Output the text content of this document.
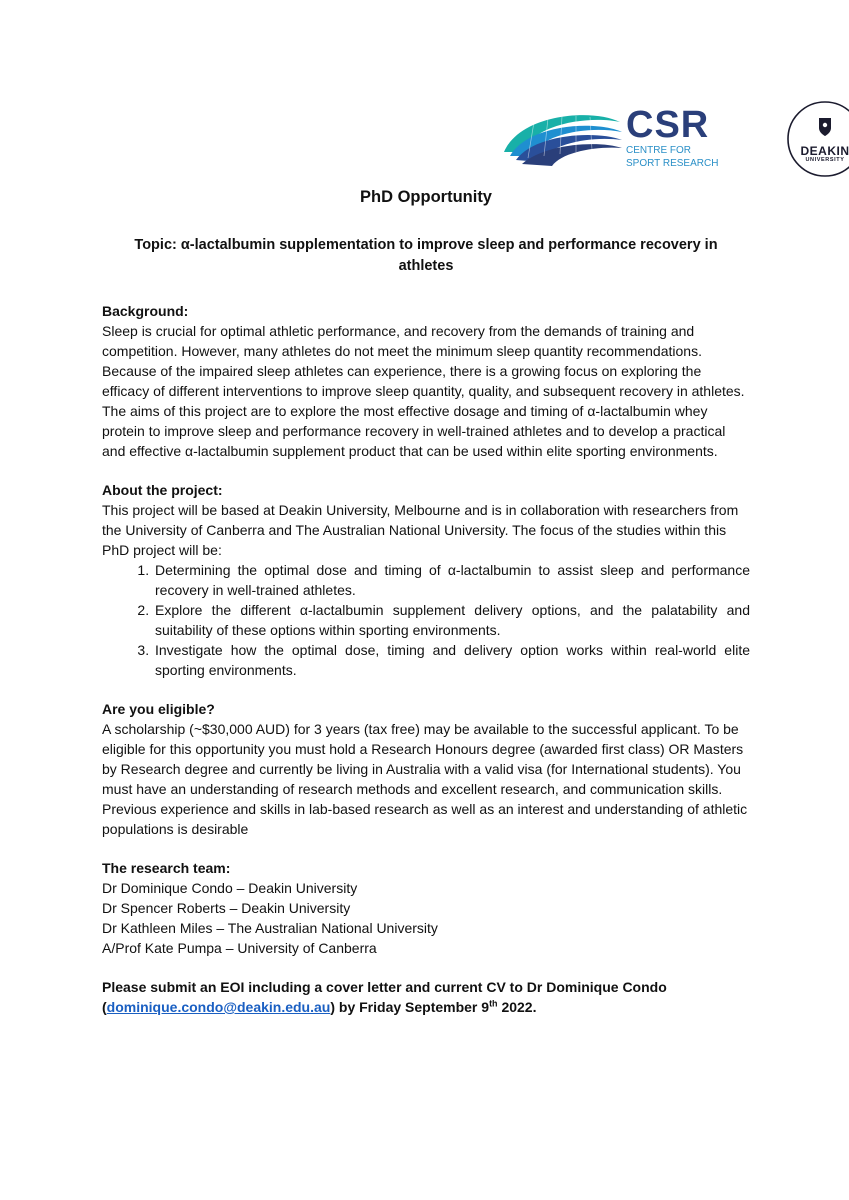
CSR
CENTRE FOR
SPORT RESEARCH
DEAKIN
UNIVERSITY
PhD Opportunity

Topic: α-lactalbumin supplementation to improve sleep and performance recovery in athletes

Background:

Sleep is crucial for optimal athletic performance, and recovery from the demands of training and competition. However, many athletes do not meet the minimum sleep quantity recommendations. Because of the impaired sleep athletes can experience, there is a growing focus on exploring the efficacy of different interventions to improve sleep quantity, quality, and subsequent recovery in athletes. The aims of this project are to explore the most effective dosage and timing of α-lactalbumin whey protein to improve sleep and performance recovery in well-trained athletes and to develop a practical and effective α-lactalbumin supplement product that can be used within elite sporting environments.

About the project:

This project will be based at Deakin University, Melbourne and is in collaboration with researchers from the University of Canberra and The Australian National University. The focus of the studies within this PhD project will be:

1. Determining the optimal dose and timing of α-lactalbumin to assist sleep and performance recovery in well-trained athletes.
2. Explore the different α-lactalbumin supplement delivery options, and the palatability and suitability of these options within sporting environments.
3. Investigate how the optimal dose, timing and delivery option works within real-world elite sporting environments.

Are you eligible?

A scholarship (~$30,000 AUD) for 3 years (tax free) may be available to the successful applicant. To be eligible for this opportunity you must hold a Research Honours degree (awarded first class) OR Masters by Research degree and currently be living in Australia with a valid visa (for International students). You must have an understanding of research methods and excellent research, and communication skills. Previous experience and skills in lab-based research as well as an interest and understanding of athletic populations is desirable

The research team:

Dr Dominique Condo – Deakin University

Dr Spencer Roberts – Deakin University

Dr Kathleen Miles – The Australian National University

A/Prof Kate Pumpa – University of Canberra

Please submit an EOI including a cover letter and current CV to Dr Dominique Condo
(dominique.condo@deakin.edu.au) by Friday September 9th 2022.
